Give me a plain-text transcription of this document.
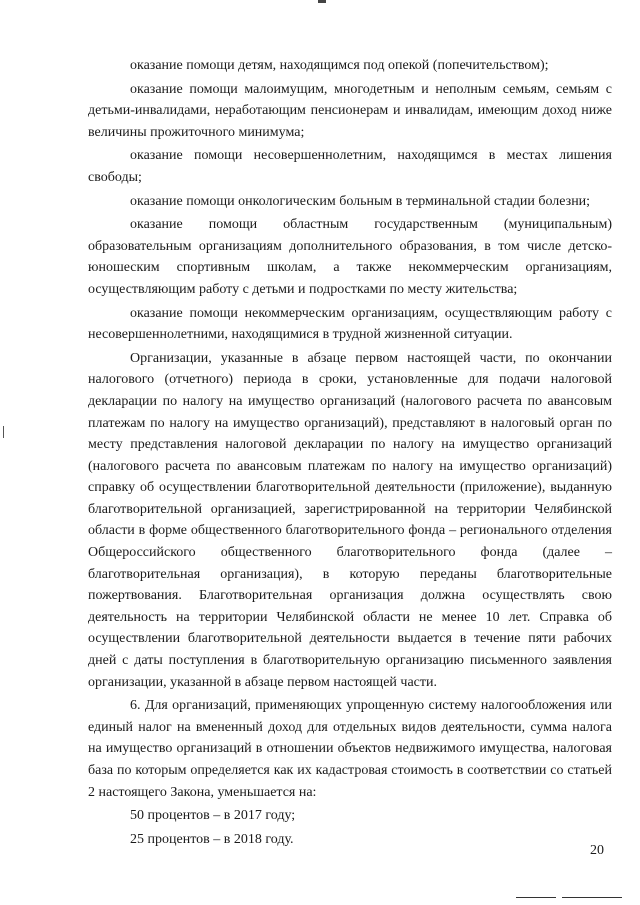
оказание помощи детям, находящимся под опекой (попечительством);

оказание помощи малоимущим, многодетным и неполным семьям, семьям с детьми-инвалидами, неработающим пенсионерам и инвалидам, имеющим доход ниже величины прожиточного минимума;

оказание помощи несовершеннолетним, находящимся в местах лишения свободы;

оказание помощи онкологическим больным в терминальной стадии болезни;

оказание помощи областным государственным (муниципальным) образовательным организациям дополнительного образования, в том числе детско-юношеским спортивным школам, а также некоммерческим организациям, осуществляющим работу с детьми и подростками по месту жительства;

оказание помощи некоммерческим организациям, осуществляющим работу с несовершеннолетними, находящимися в трудной жизненной ситуации.

Организации, указанные в абзаце первом настоящей части, по окончании налогового (отчетного) периода в сроки, установленные для подачи налоговой декларации по налогу на имущество организаций (налогового расчета по авансовым платежам по налогу на имущество организаций), представляют в налоговый орган по месту представления налоговой декларации по налогу на имущество организаций (налогового расчета по авансовым платежам по налогу на имущество организаций) справку об осуществлении благотворительной деятельности (приложение), выданную благотворительной организацией, зарегистрированной на территории Челябинской области в форме общественного благотворительного фонда – регионального отделения Общероссийского общественного благотворительного фонда (далее – благотворительная организация), в которую переданы благотворительные пожертвования. Благотворительная организация должна осуществлять свою деятельность на территории Челябинской области не менее 10 лет. Справка об осуществлении благотворительной деятельности выдается в течение пяти рабочих дней с даты поступления в благотворительную организацию письменного заявления организации, указанной в абзаце первом настоящей части.

6. Для организаций, применяющих упрощенную систему налогообложения или единый налог на вмененный доход для отдельных видов деятельности, сумма налога на имущество организаций в отношении объектов недвижимого имущества, налоговая база по которым определяется как их кадастровая стоимость в соответствии со статьей 2 настоящего Закона, уменьшается на:

50 процентов – в 2017 году;

25 процентов – в 2018 году.

20
